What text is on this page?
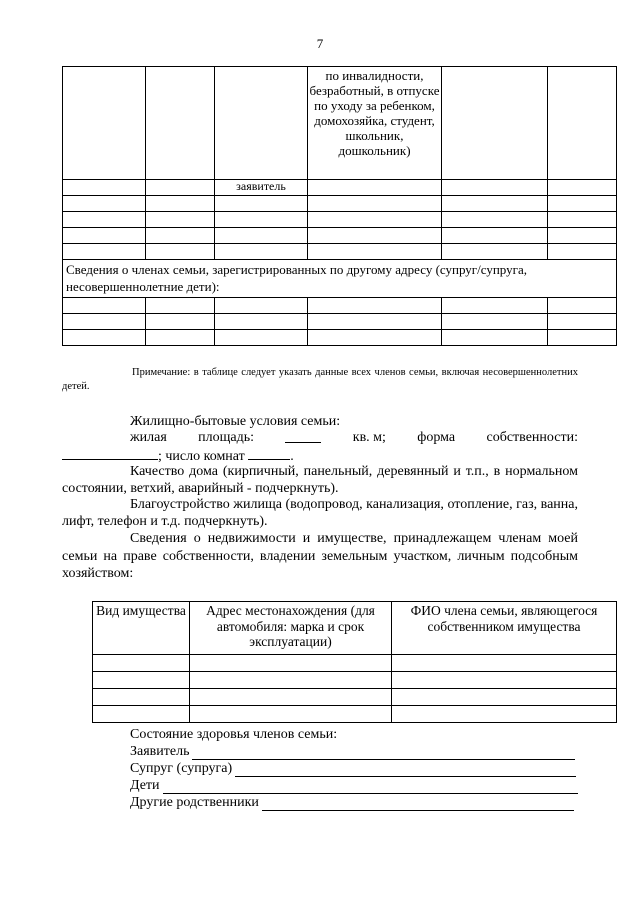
7
			по инвалидности, безработный, в отпуске по уходу за ребенком, домохозяйка, студент, школьник, дошкольник)		
		заявитель			

Сведения о членах семьи, зарегистрированных по другому адресу (супруг/супруга, несовершеннолетние дети):					

Примечание: в таблице следует указать данные всех членов семьи, включая несовершеннолетних детей.
Жилищно-бытовые условия семьи:
жилая площадь:	кв. м; форма собственности:
; число комнат	.
Качество дома (кирпичный, панельный, деревянный и т.п., в нормальном состоянии, ветхий, аварийный - подчеркнуть).
Благоустройство жилища (водопровод, канализация, отопление, газ, ванна, лифт, телефон и т.д. подчеркнуть).
Сведения о недвижимости и имуществе, принадлежащем членам моей семьи на праве собственности, владении земельным участком, личным подсобным хозяйством:
Вид имущества	Адрес местонахождения (для автомобиля: марка и срок эксплуатации)	ФИО члена семьи, являющегося собственником имущества

Состояние здоровья членов семьи:
Заявитель
Супруг (супруга)
Дети
Другие родственники
